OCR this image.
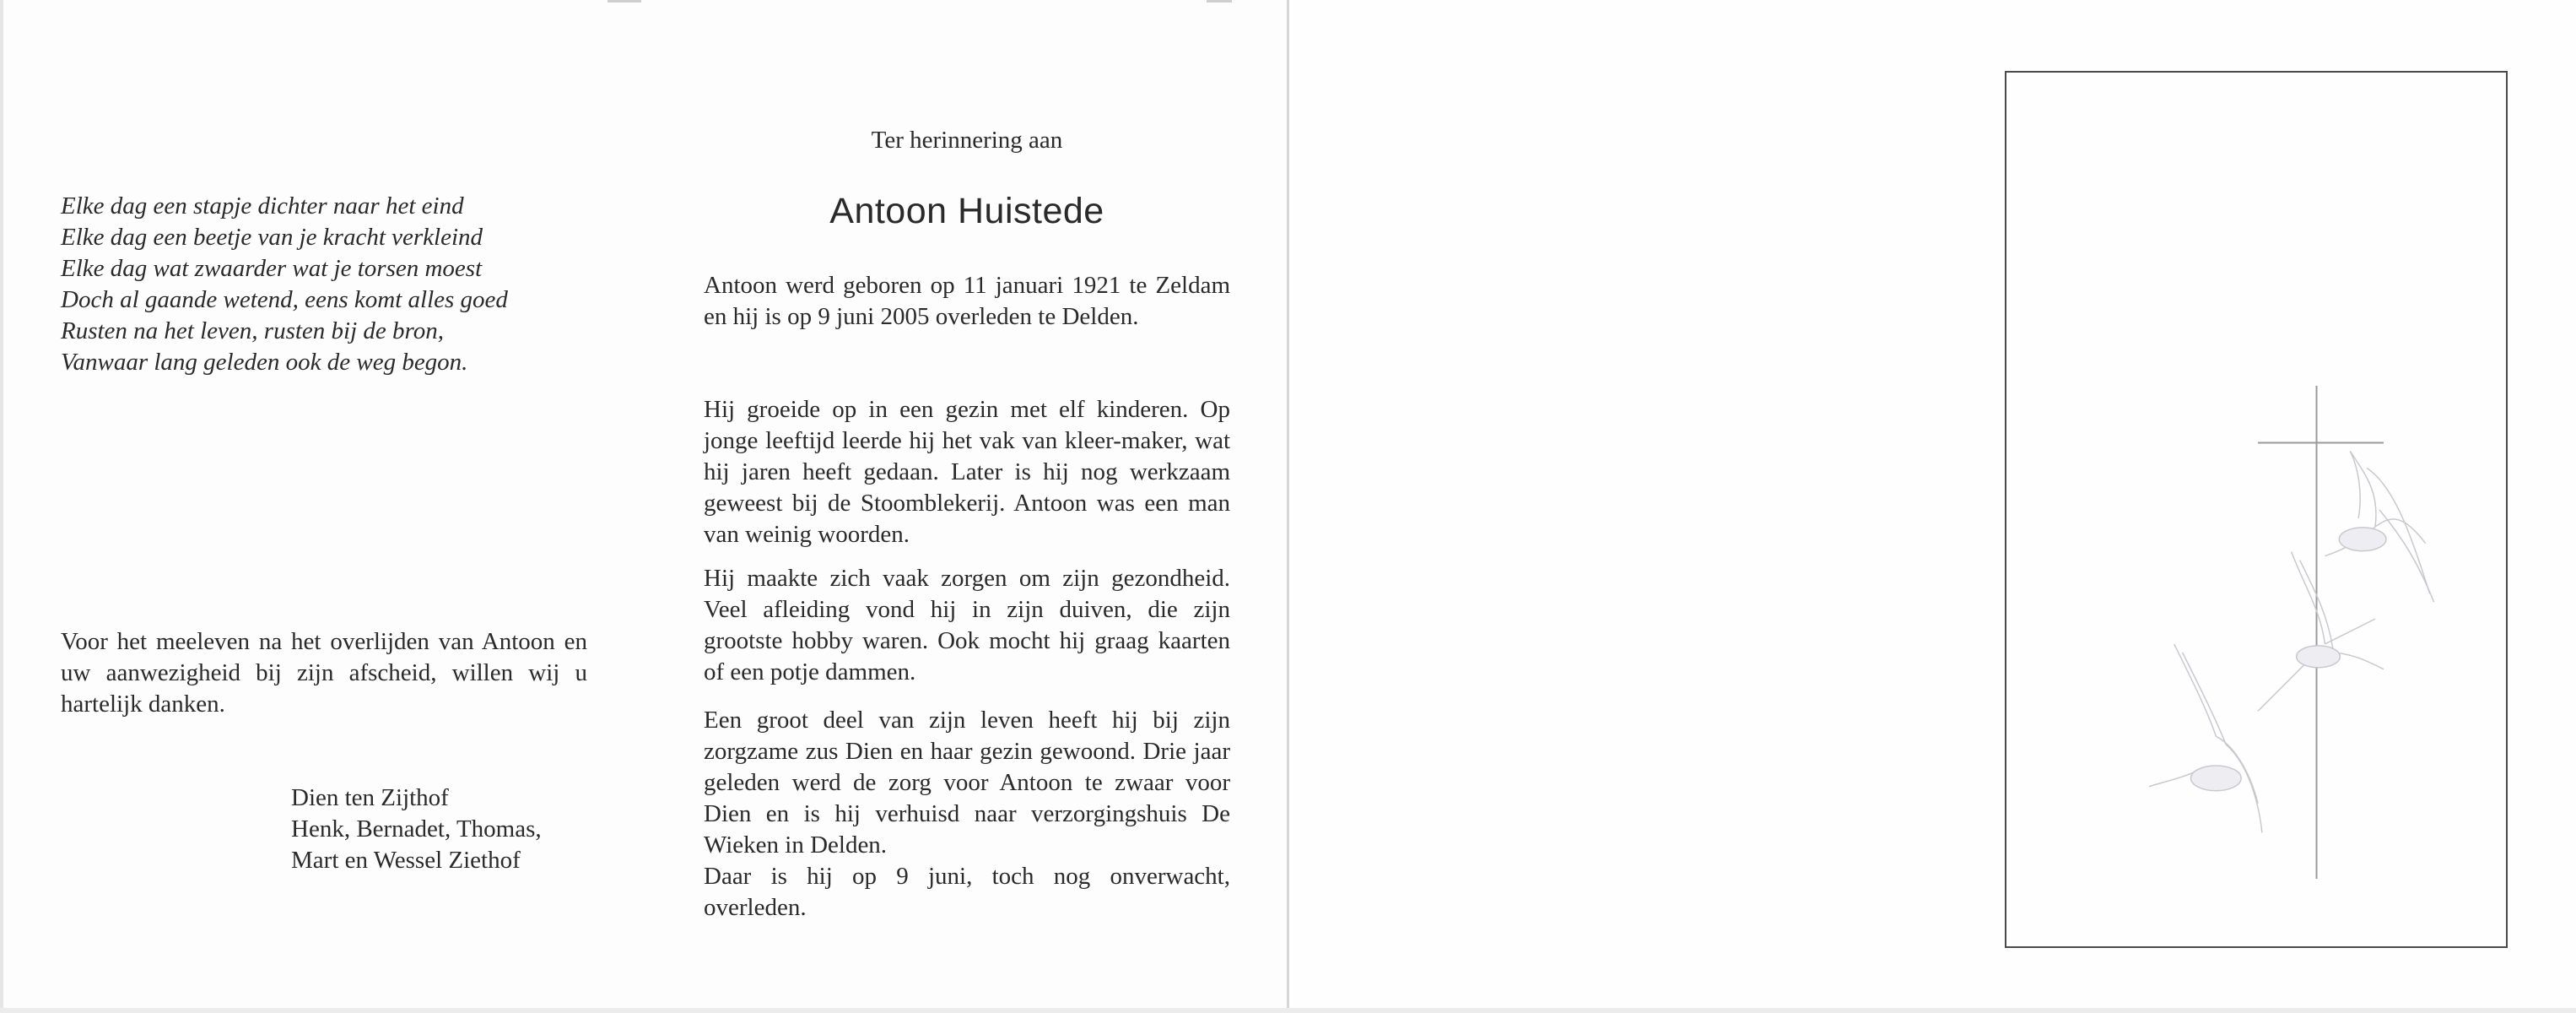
Elke dag een stapje dichter naar het eind
Elke dag een beetje van je kracht verkleind
Elke dag wat zwaarder wat je torsen moest
Doch al gaande wetend, eens komt alles goed
Rusten na het leven, rusten bij de bron,
Vanwaar lang geleden ook de weg begon.
Voor het meeleven na het overlijden van Antoon en uw aanwezigheid bij zijn afscheid, willen wij u hartelijk danken.
Dien ten Zijthof
Henk, Bernadet, Thomas,
Mart en Wessel Ziethof
Ter herinnering aan
Antoon Huistede

Antoon werd geboren op 11 januari 1921 te Zeldam en hij is op 9 juni 2005 overleden te Delden.

Hij groeide op in een gezin met elf kinderen. Op jonge leeftijd leerde hij het vak van kleer-maker, wat hij jaren heeft gedaan. Later is hij nog werkzaam geweest bij de Stoomblekerij. Antoon was een man van weinig woorden.

Hij maakte zich vaak zorgen om zijn gezondheid. Veel afleiding vond hij in zijn duiven, die zijn grootste hobby waren. Ook mocht hij graag kaarten of een potje dammen.

Een groot deel van zijn leven heeft hij bij zijn zorgzame zus Dien en haar gezin gewoond. Drie jaar geleden werd de zorg voor Antoon te zwaar voor Dien en is hij verhuisd naar verzorgingshuis De Wieken in Delden.

Daar is hij op 9 juni, toch nog onverwacht, overleden.
